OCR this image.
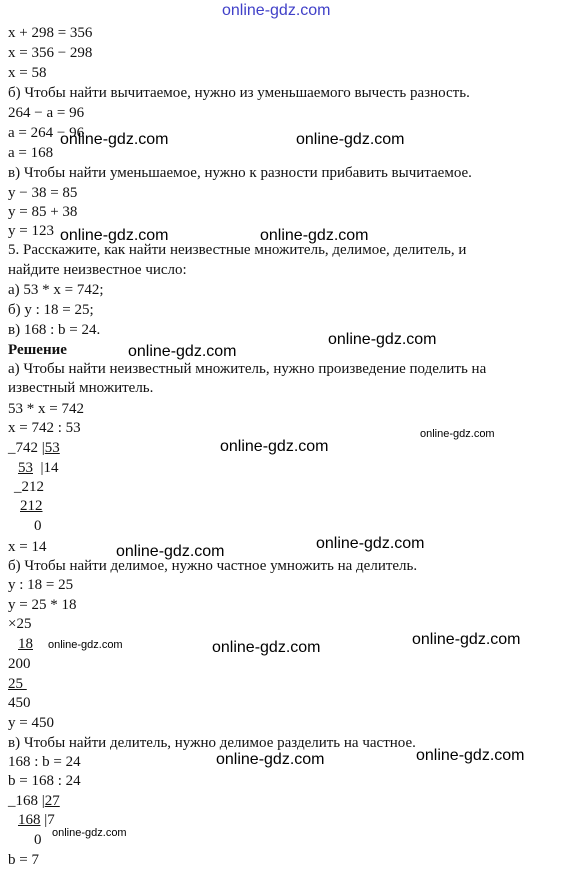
online-gdz.com
x + 298 = 356
x = 356 − 298
x = 58
б) Чтобы найти вычитаемое, нужно из уменьшаемого вычесть разность.
264 − a = 96
a = 264 − 96
a = 168
в) Чтобы найти уменьшаемое, нужно к разности прибавить вычитаемое.
y − 38 = 85
y = 85 + 38
y = 123
5. Расскажите, как найти неизвестные множитель, делимое, делитель, и
найдите неизвестное число:
а) 53 * x = 742;
б) y : 18 = 25;
в) 168 : b = 24.
Решение
а) Чтобы найти неизвестный множитель, нужно произведение поделить на
известный множитель.
53 * x = 742
x = 742 : 53
_742 |53
53  |14
_212
212
0
x = 14
б) Чтобы найти делимое, нужно частное умножить на делитель.
y : 18 = 25
y = 25 * 18
×25
18
200
25
450
y = 450
в) Чтобы найти делитель, нужно делимое разделить на частное.
168 : b = 24
b = 168 : 24
_168 |27
168 |7
0
b = 7
online-gdz.com	online-gdz.com
online-gdz.com	online-gdz.com
online-gdz.com
online-gdz.com
online-gdz.com
online-gdz.com
online-gdz.com
online-gdz.com
online-gdz.com	online-gdz.com
online-gdz.com
online-gdz.com	online-gdz.com
online-gdz.com
